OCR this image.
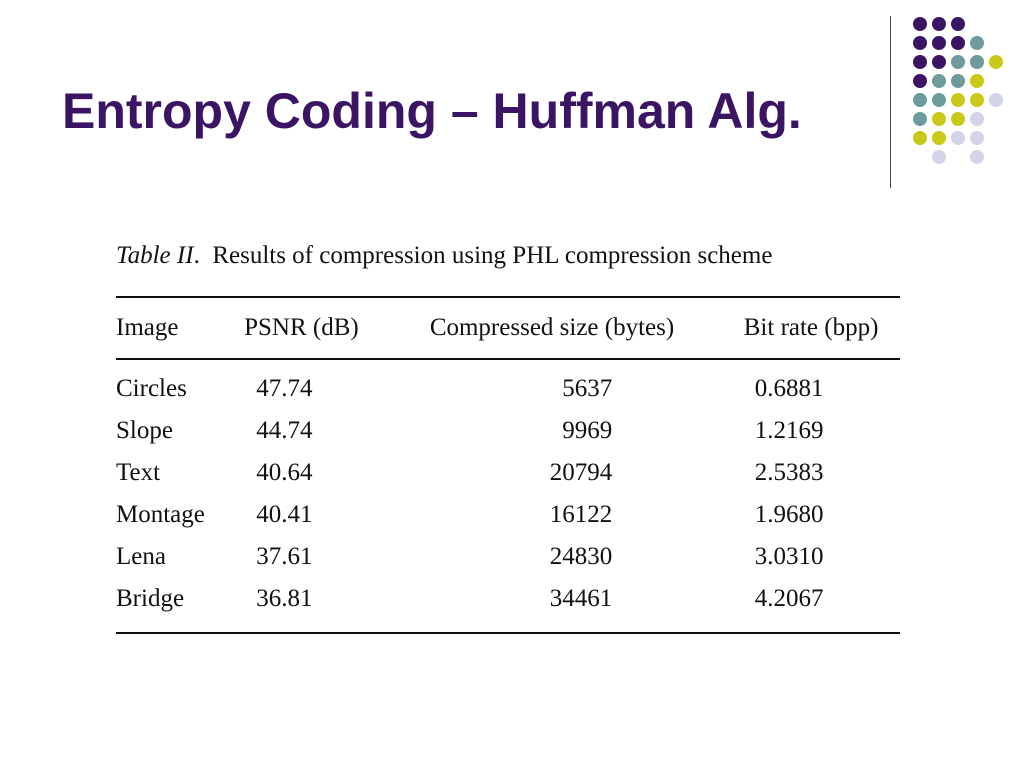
Entropy Coding – Huffman Alg.
Table II. Results of compression using PHL compression scheme
Image	PSNR (dB)	Compressed size (bytes)	Bit rate (bpp)
Circles	47.74	5637	0.6881
Slope	44.74	9969	1.2169
Text	40.64	20794	2.5383
Montage	40.41	16122	1.9680
Lena	37.61	24830	3.0310
Bridge	36.81	34461	4.2067
